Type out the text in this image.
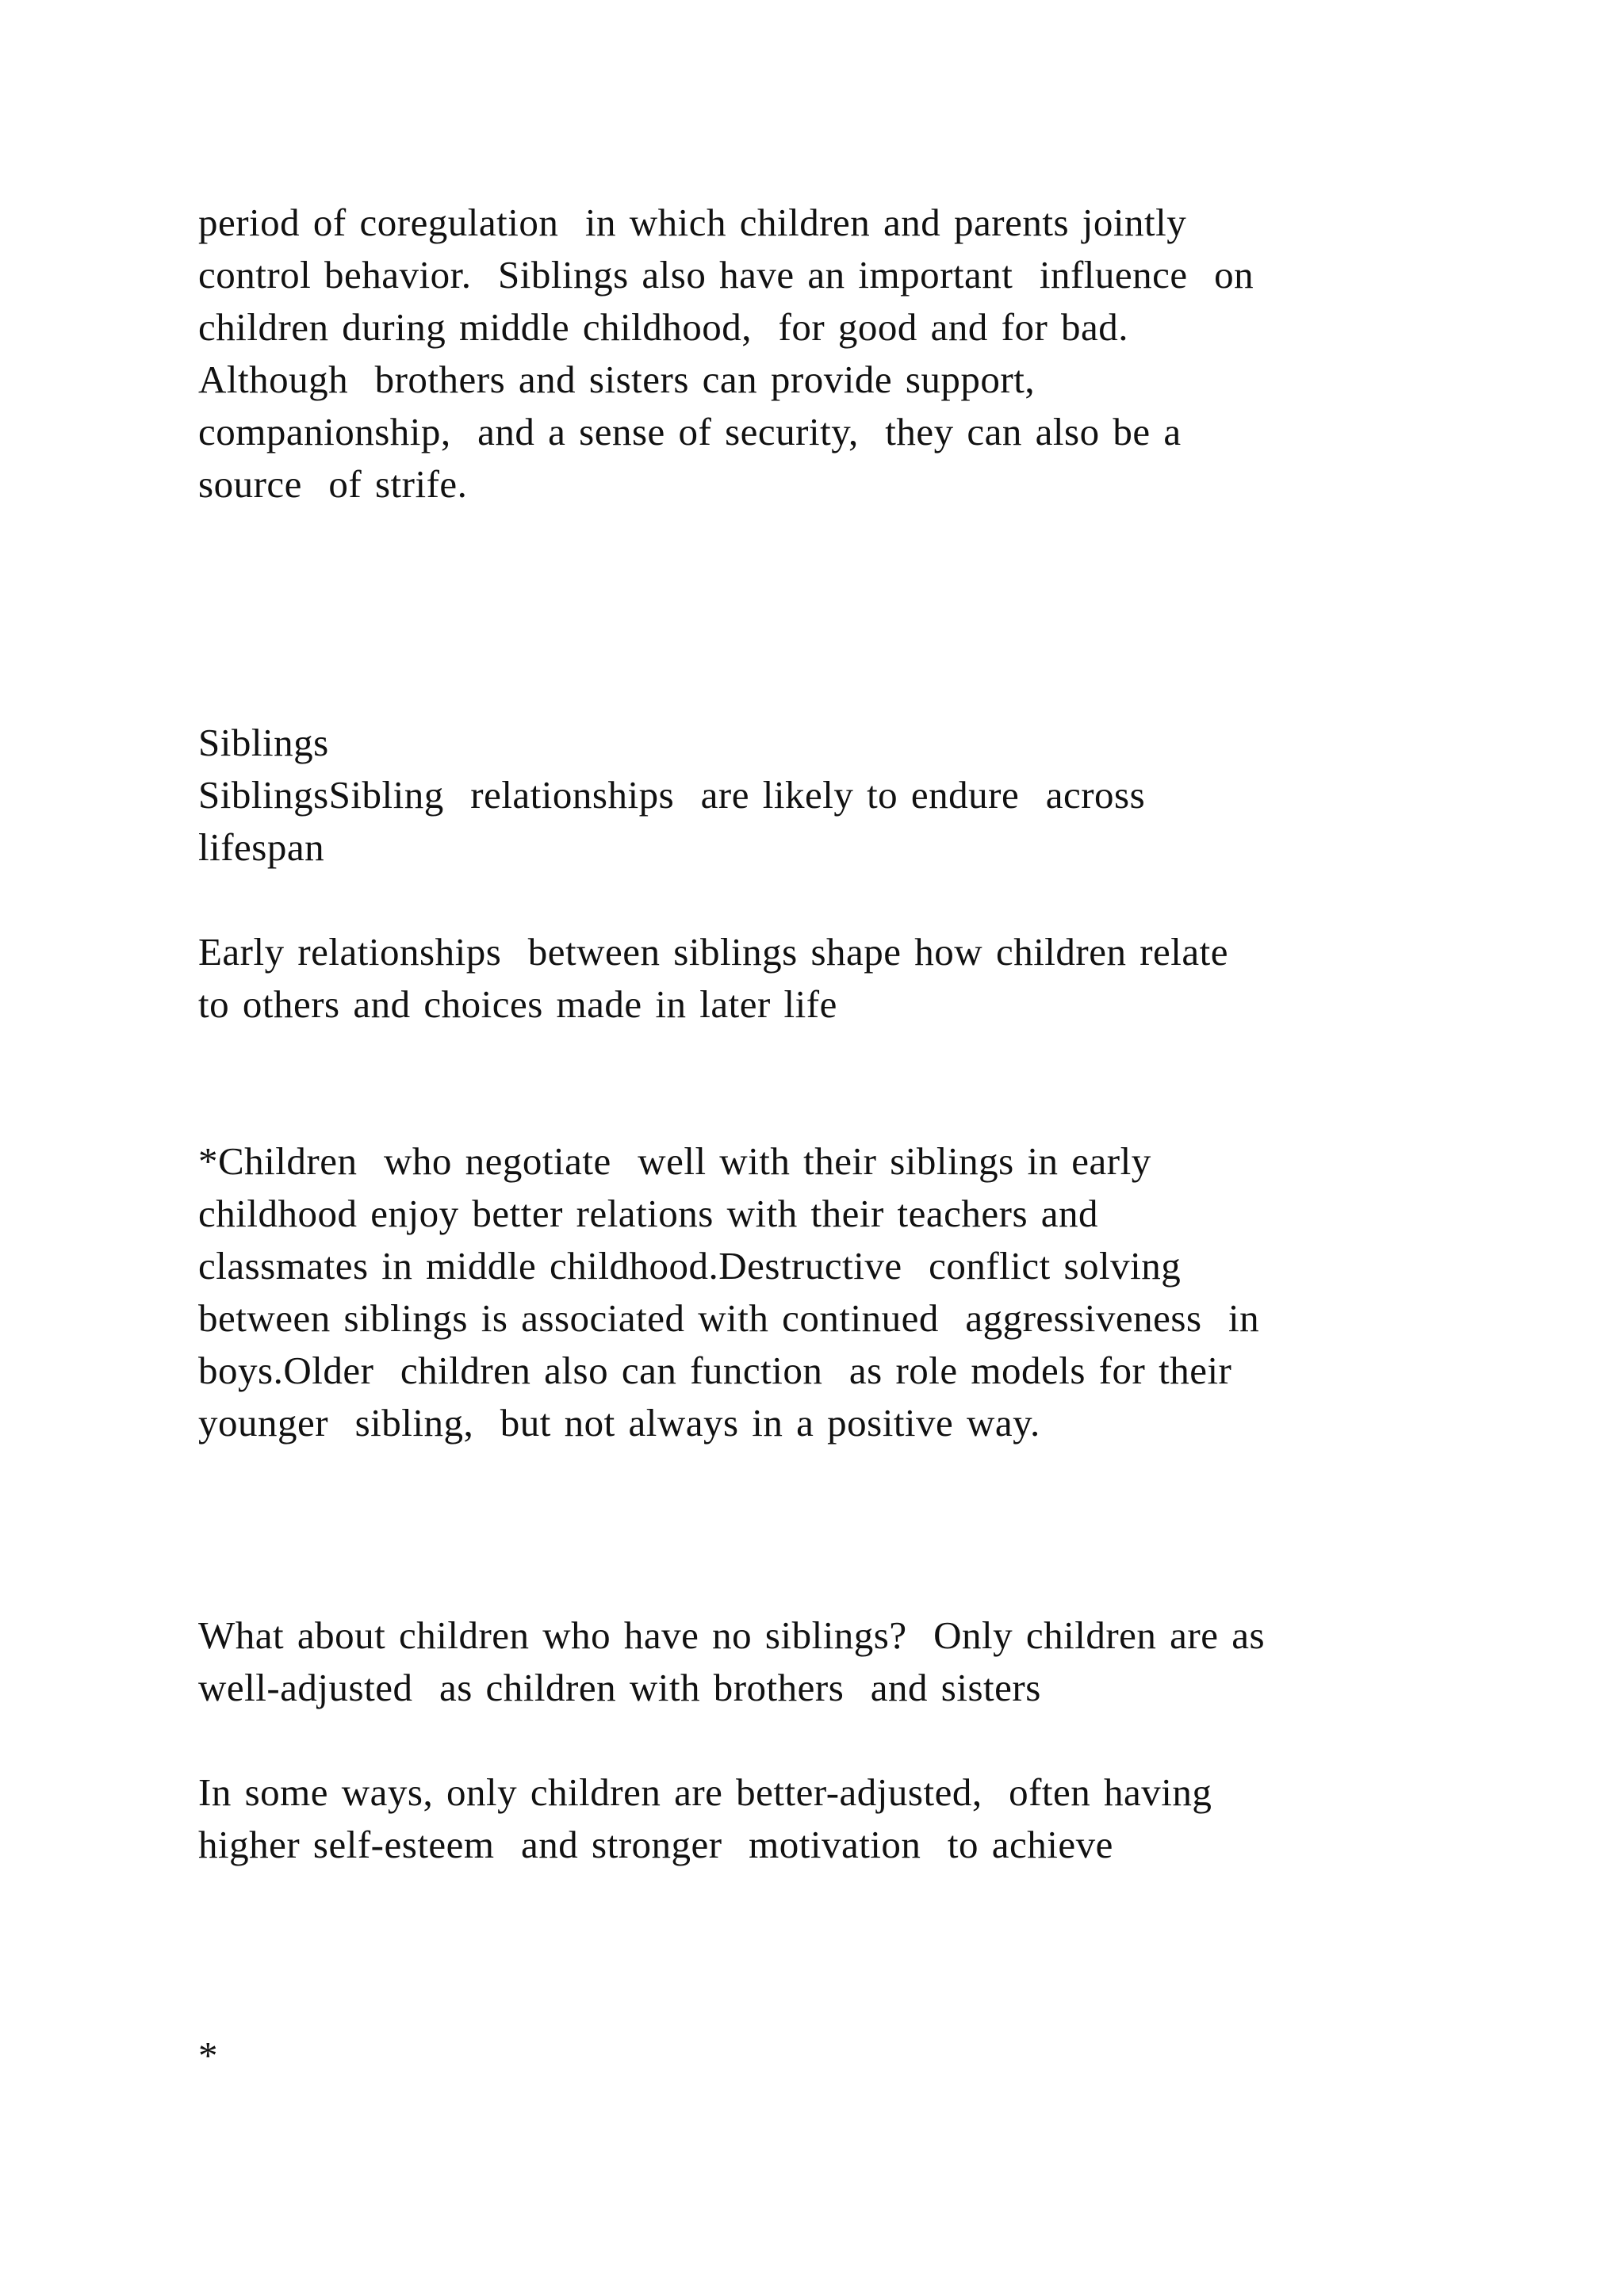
period of coregulation  in which children and parents jointly
control behavior.  Siblings also have an important  influence  on
children during middle childhood,  for good and for bad.
Although  brothers and sisters can provide support,
companionship,  and a sense of security,  they can also be a
source  of strife.

Siblings

SiblingsSibling  relationships  are likely to endure  across
lifespan

Early relationships  between siblings shape how children relate
to others and choices made in later life

*Children  who negotiate  well with their siblings in early
childhood enjoy better relations with their teachers and
classmates in middle childhood.Destructive  conflict solving
between siblings is associated with continued  aggressiveness  in
boys.Older  children also can function  as role models for their
younger  sibling,  but not always in a positive way.

What about children who have no siblings?  Only children are as
well-adjusted  as children with brothers  and sisters

In some ways, only children are better-adjusted,  often having
higher self-esteem  and stronger  motivation  to achieve

*
